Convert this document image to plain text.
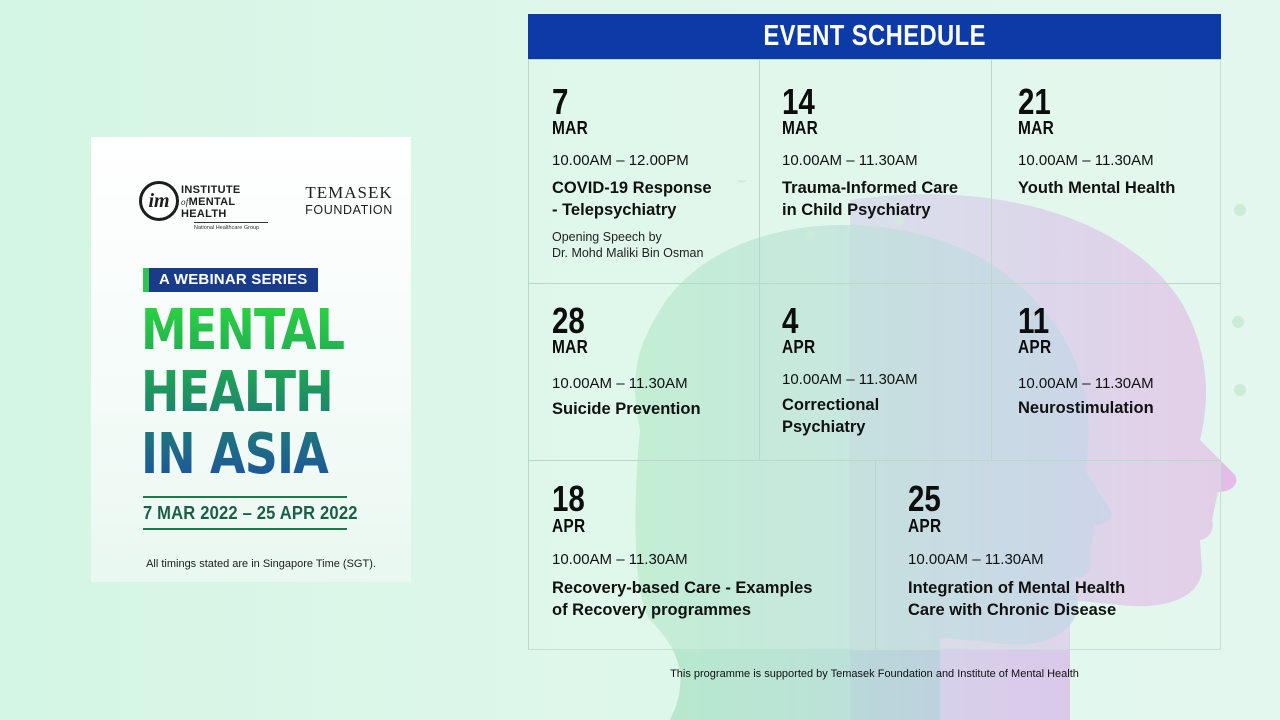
im	INSTITUTE
ofMENTAL
HEALTH
National Healthcare Group
TEMASEK
FOUNDATION
A WEBINAR SERIES
MENTAL
HEALTH
IN ASIA
7 MAR 2022 – 25 APR 2022
All timings stated are in Singapore Time (SGT).
EVENT SCHEDULE
7
MAR
10.00AM – 12.00PM
COVID-19 Response
- Telepsychiatry
Opening Speech by
Dr. Mohd Maliki Bin Osman
14
MAR
10.00AM – 11.30AM
Trauma-Informed Care
in Child Psychiatry
21
MAR
10.00AM – 11.30AM
Youth Mental Health
28
MAR
10.00AM – 11.30AM
Suicide Prevention
4
APR
10.00AM – 11.30AM
Correctional
Psychiatry
11
APR
10.00AM – 11.30AM
Neurostimulation
18
APR
10.00AM – 11.30AM
Recovery-based Care - Examples
of Recovery programmes
25
APR
10.00AM – 11.30AM
Integration of Mental Health
Care with Chronic Disease
This programme is supported by Temasek Foundation and Institute of Mental Health
